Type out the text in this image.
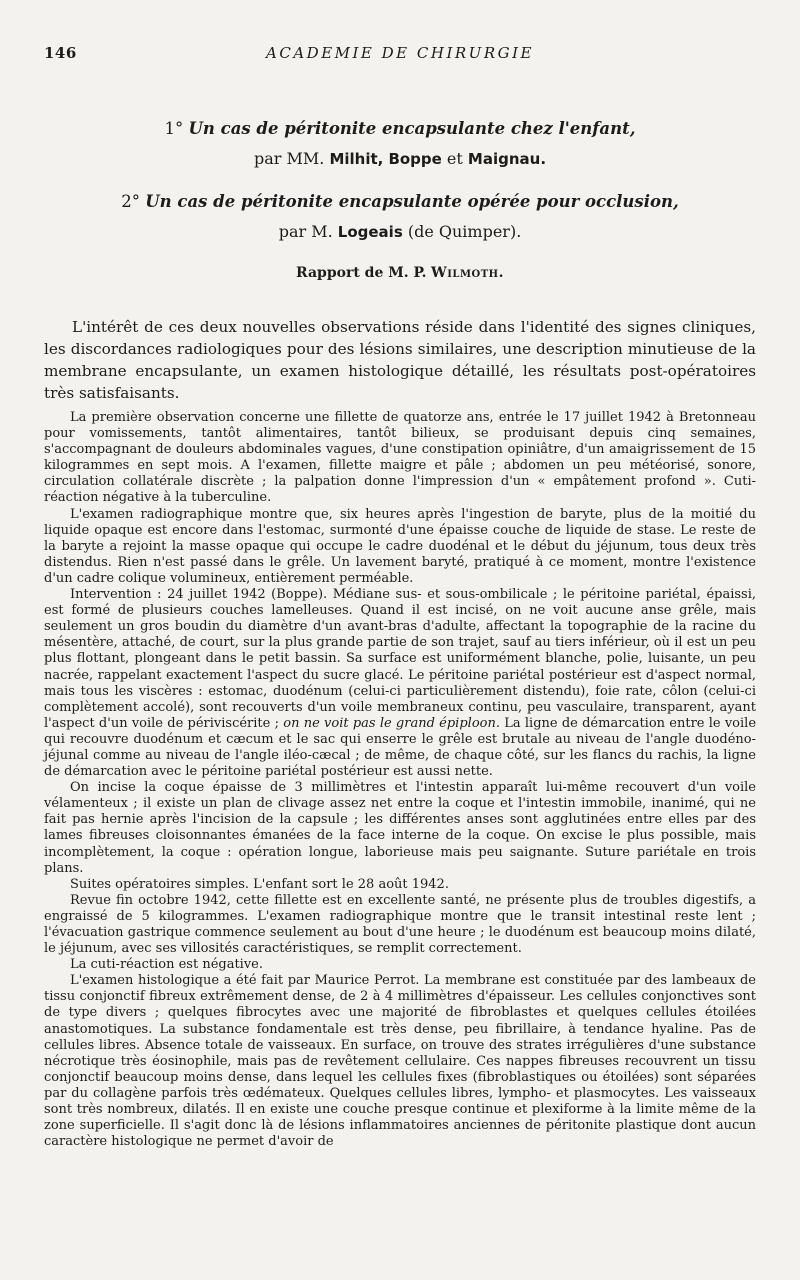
146	ACADEMIE DE CHIRURGIE
1° Un cas de péritonite encapsulante chez l'enfant,
par MM. Milhit, Boppe et Maignau.
2° Un cas de péritonite encapsulante opérée pour occlusion,
par M. Logeais (de Quimper).
Rapport de M. P. Wilmoth.
L'intérêt de ces deux nouvelles observations réside dans l'identité des signes cliniques, les discordances radiologiques pour des lésions similaires, une description minutieuse de la membrane encapsulante, un examen histologique détaillé, les résultats post-opératoires très satisfaisants.

La première observation concerne une fillette de quatorze ans, entrée le 17 juillet 1942 à Bretonneau pour vomissements, tantôt alimentaires, tantôt bilieux, se produisant depuis cinq semaines, s'accompagnant de douleurs abdominales vagues, d'une constipation opiniâtre, d'un amaigrissement de 15 kilogrammes en sept mois. A l'examen, fillette maigre et pâle ; abdomen un peu météorisé, sonore, circulation collatérale discrète ; la palpation donne l'impression d'un « empâtement profond ». Cuti-réaction négative à la tuberculine.

L'examen radiographique montre que, six heures après l'ingestion de baryte, plus de la moitié du liquide opaque est encore dans l'estomac, surmonté d'une épaisse couche de liquide de stase. Le reste de la baryte a rejoint la masse opaque qui occupe le cadre duodénal et le début du jéjunum, tous deux très distendus. Rien n'est passé dans le grêle. Un lavement baryté, pratiqué à ce moment, montre l'existence d'un cadre colique volumineux, entièrement perméable.

Intervention : 24 juillet 1942 (Boppe). Médiane sus- et sous-ombilicale ; le péritoine pariétal, épaissi, est formé de plusieurs couches lamelleuses. Quand il est incisé, on ne voit aucune anse grêle, mais seulement un gros boudin du diamètre d'un avant-bras d'adulte, affectant la topographie de la racine du mésentère, attaché, de court, sur la plus grande partie de son trajet, sauf au tiers inférieur, où il est un peu plus flottant, plongeant dans le petit bassin. Sa surface est uniformément blanche, polie, luisante, un peu nacrée, rappelant exactement l'aspect du sucre glacé. Le péritoine pariétal postérieur est d'aspect normal, mais tous les viscères : estomac, duodénum (celui-ci particulièrement distendu), foie rate, côlon (celui-ci complètement accolé), sont recouverts d'un voile membraneux continu, peu vasculaire, transparent, ayant l'aspect d'un voile de périviscérite ; on ne voit pas le grand épiploon. La ligne de démarcation entre le voile qui recouvre duodénum et cæcum et le sac qui enserre le grêle est brutale au niveau de l'angle duodéno-jéjunal comme au niveau de l'angle iléo-cæcal ; de même, de chaque côté, sur les flancs du rachis, la ligne de démarcation avec le péritoine pariétal postérieur est aussi nette.

On incise la coque épaisse de 3 millimètres et l'intestin apparaît lui-même recouvert d'un voile vélamenteux ; il existe un plan de clivage assez net entre la coque et l'intestin immobile, inanimé, qui ne fait pas hernie après l'incision de la capsule ; les différentes anses sont agglutinées entre elles par des lames fibreuses cloisonnantes émanées de la face interne de la coque. On excise le plus possible, mais incomplètement, la coque : opération longue, laborieuse mais peu saignante. Suture pariétale en trois plans.

Suites opératoires simples. L'enfant sort le 28 août 1942.

Revue fin octobre 1942, cette fillette est en excellente santé, ne présente plus de troubles digestifs, a engraissé de 5 kilogrammes. L'examen radiographique montre que le transit intestinal reste lent ; l'évacuation gastrique commence seulement au bout d'une heure ; le duodénum est beaucoup moins dilaté, le jéjunum, avec ses villosités caractéristiques, se remplit correctement.

La cuti-réaction est négative.

L'examen histologique a été fait par Maurice Perrot. La membrane est constituée par des lambeaux de tissu conjonctif fibreux extrêmement dense, de 2 à 4 millimètres d'épaisseur. Les cellules conjonctives sont de type divers ; quelques fibrocytes avec une majorité de fibroblastes et quelques cellules étoilées anastomotiques. La substance fondamentale est très dense, peu fibrillaire, à tendance hyaline. Pas de cellules libres. Absence totale de vaisseaux. En surface, on trouve des strates irrégulières d'une substance nécrotique très éosinophile, mais pas de revêtement cellulaire. Ces nappes fibreuses recouvrent un tissu conjonctif beaucoup moins dense, dans lequel les cellules fixes (fibroblastiques ou étoilées) sont séparées par du collagène parfois très œdémateux. Quelques cellules libres, lympho- et plasmocytes. Les vaisseaux sont très nombreux, dilatés. Il en existe une couche presque continue et plexiforme à la limite même de la zone superficielle. Il s'agit donc là de lésions inflammatoires anciennes de péritonite plastique dont aucun caractère histologique ne permet d'avoir de
